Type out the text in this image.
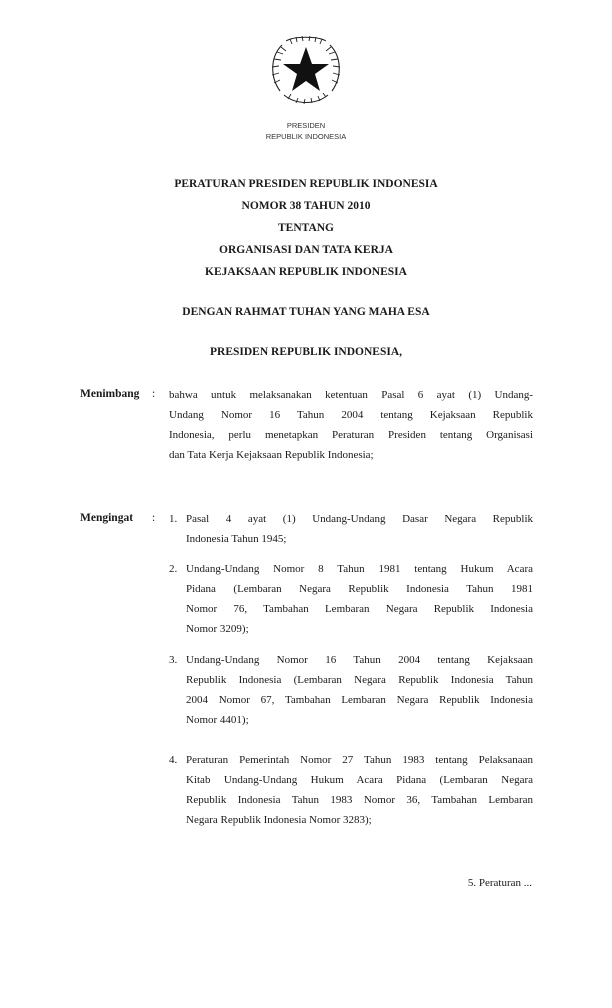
PRESIDEN
REPUBLIK INDONESIA
PERATURAN PRESIDEN REPUBLIK INDONESIA
NOMOR 38 TAHUN 2010
TENTANG
ORGANISASI DAN TATA KERJA
KEJAKSAAN REPUBLIK INDONESIA
DENGAN RAHMAT TUHAN YANG MAHA ESA
PRESIDEN REPUBLIK INDONESIA,
Menimbang : bahwa untuk melaksanakan ketentuan Pasal 6 ayat (1) Undang-
Undang Nomor 16 Tahun 2004 tentang Kejaksaan Republik
Indonesia, perlu menetapkan Peraturan Presiden tentang Organisasi
dan Tata Kerja Kejaksaan Republik Indonesia;
Mengingat : 1. Pasal 4 ayat (1) Undang-Undang Dasar Negara Republik
Indonesia Tahun 1945;
2. Undang-Undang Nomor 8 Tahun 1981 tentang Hukum Acara
Pidana (Lembaran Negara Republik Indonesia Tahun 1981
Nomor 76, Tambahan Lembaran Negara Republik Indonesia
Nomor 3209);
3. Undang-Undang Nomor 16 Tahun 2004 tentang Kejaksaan
Republik Indonesia (Lembaran Negara Republik Indonesia Tahun
2004 Nomor 67, Tambahan Lembaran Negara Republik Indonesia
Nomor 4401);
4. Peraturan Pemerintah Nomor 27 Tahun 1983 tentang Pelaksanaan
Kitab Undang-Undang Hukum Acara Pidana (Lembaran Negara
Republik Indonesia Tahun 1983 Nomor 36, Tambahan Lembaran
Negara Republik Indonesia Nomor 3283);
5. Peraturan ...
